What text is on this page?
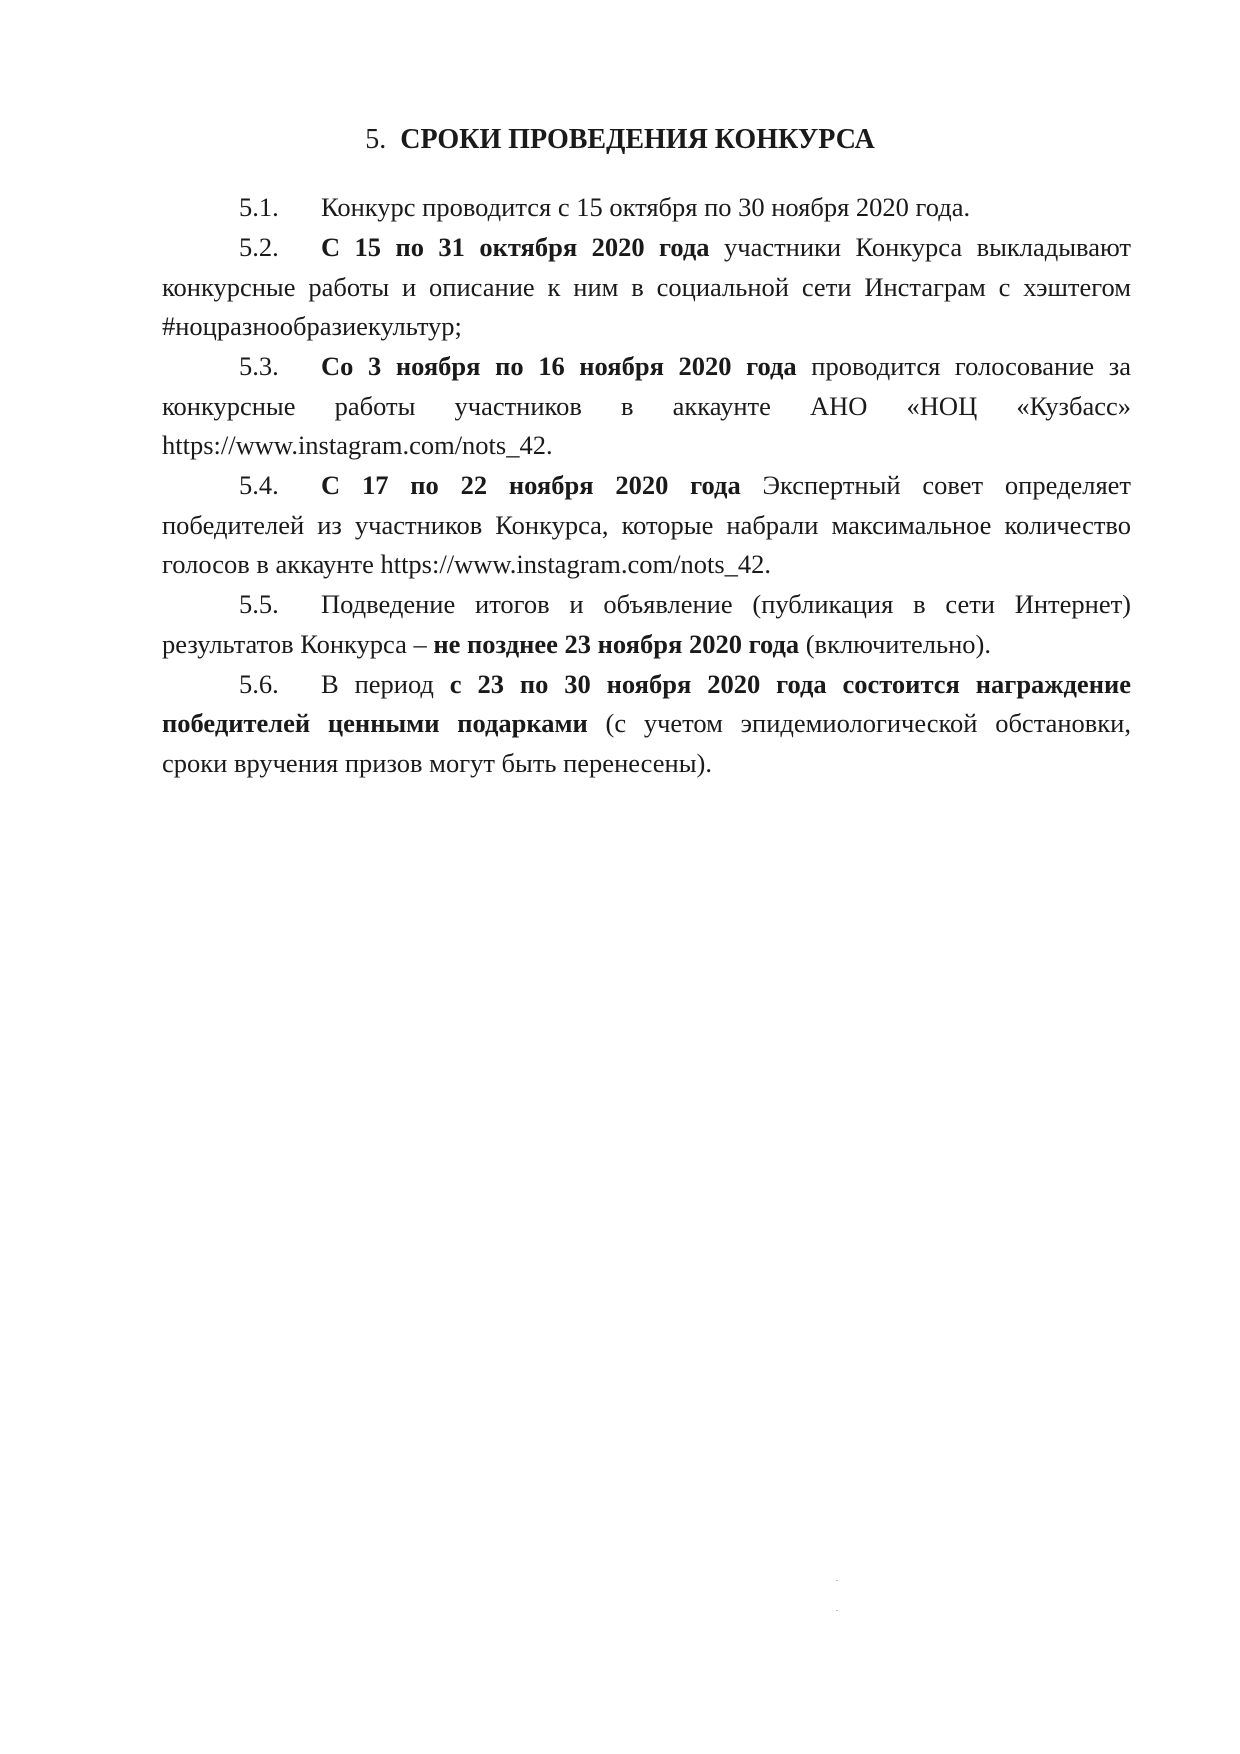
5. СРОКИ ПРОВЕДЕНИЯ КОНКУРСА

5.1. Конкурс проводится с 15 октября по 30 ноября 2020 года.

5.2. С 15 по 31 октября 2020 года участники Конкурса выкладывают конкурсные работы и описание к ним в социальной сети Инстаграм с хэштегом #ноцразнообразиекультур;

5.3. Со 3 ноября по 16 ноября 2020 года проводится голосование за конкурсные работы участников в аккаунте АНО «НОЦ «Кузбасс» https://www.instagram.com/nots_42.

5.4. С 17 по 22 ноября 2020 года Экспертный совет определяет победителей из участников Конкурса, которые набрали максимальное количество голосов в аккаунте https://www.instagram.com/nots_42.

5.5. Подведение итогов и объявление (публикация в сети Интернет) результатов Конкурса – не позднее 23 ноября 2020 года (включительно).

5.6. В период с 23 по 30 ноября 2020 года состоится награждение победителей ценными подарками (с учетом эпидемиологической обстановки, сроки вручения призов могут быть перенесены).
